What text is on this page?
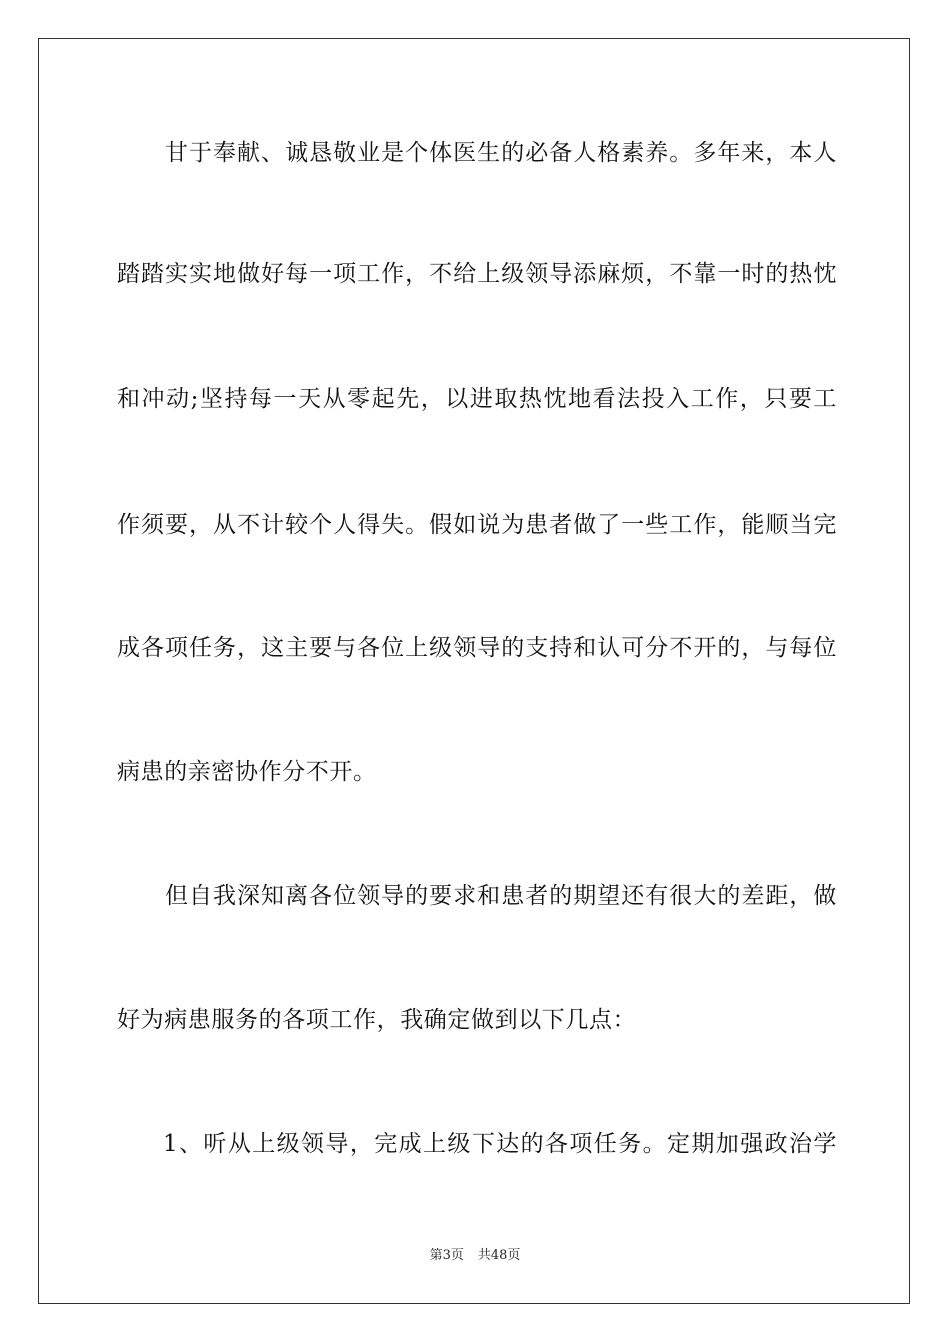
甘于奉献、诚恳敬业是个体医生的必备人格素养。多年来，本人
踏踏实实地做好每一项工作，不给上级领导添麻烦，不靠一时的热忱
和冲动;坚持每一天从零起先，以进取热忱地看法投入工作，只要工
作须要，从不计较个人得失。假如说为患者做了一些工作，能顺当完
成各项任务，这主要与各位上级领导的支持和认可分不开的，与每位
病患的亲密协作分不开。
但自我深知离各位领导的要求和患者的期望还有很大的差距，做
好为病患服务的各项工作，我确定做到以下几点：
1、听从上级领导，完成上级下达的各项任务。定期加强政治学
第3页 共48页
